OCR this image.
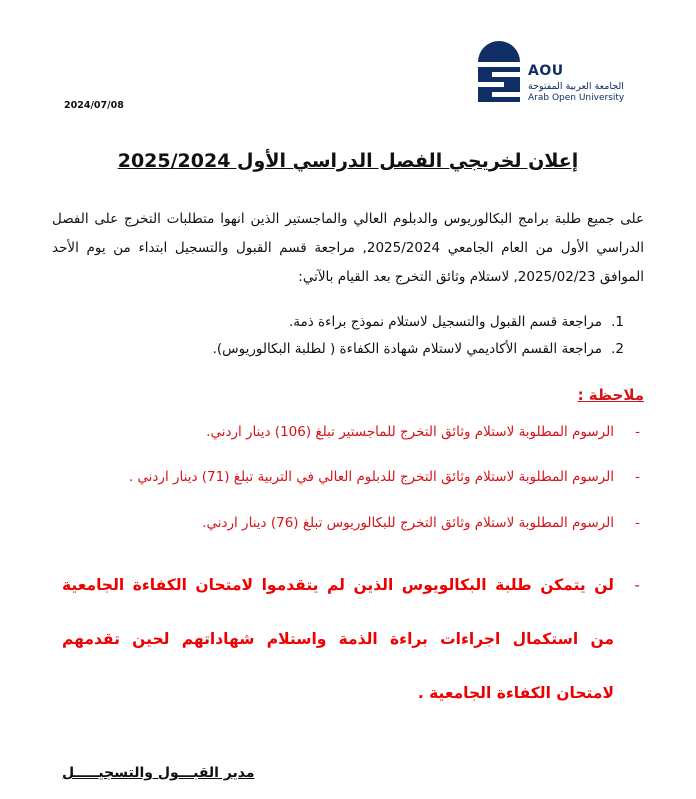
AOU
الجامعة العربية المفتوحة
Arab Open University
2024/07/08
إعلان لخريجي الفصل الدراسي الأول 2025/2024
على جميع طلبة برامج البكالوريوس والدبلوم العالي والماجستير الذين انهوا متطلبات التخرج على الفصل الدراسي الأول من العام الجامعي 2025/2024, مراجعة قسم القبول والتسجيل ابتداء من يوم الأحد الموافق 2025/02/23, لاستلام وثائق التخرج بعد القيام بالآتي:
1.مراجعة قسم القبول والتسجيل لاستلام نموذج براءة ذمة.
2.مراجعة القسم الأكاديمي لاستلام شهادة الكفاءة ( لطلبة البكالوريوس).
ملاحظة :
-الرسوم المطلوبة لاستلام وثائق التخرج للماجستير تبلغ (106) دينار اردني.
-الرسوم المطلوبة لاستلام وثائق التخرج للدبلوم العالي في التربية تبلغ (71) دينار اردني .
-الرسوم المطلوبة لاستلام وثائق التخرج للبكالوريوس تبلغ (76) دينار اردني.
-
لن يتمكن طلبة البكالويوس الذين لم يتقدموا لامتحان الكفاءة الجامعية من استكمال اجراءات براءة الذمة واستلام شهاداتهم لحين تقدمهم لامتحان الكفاءة الجامعية .
مدير القبـــول والتسجيـــــل
